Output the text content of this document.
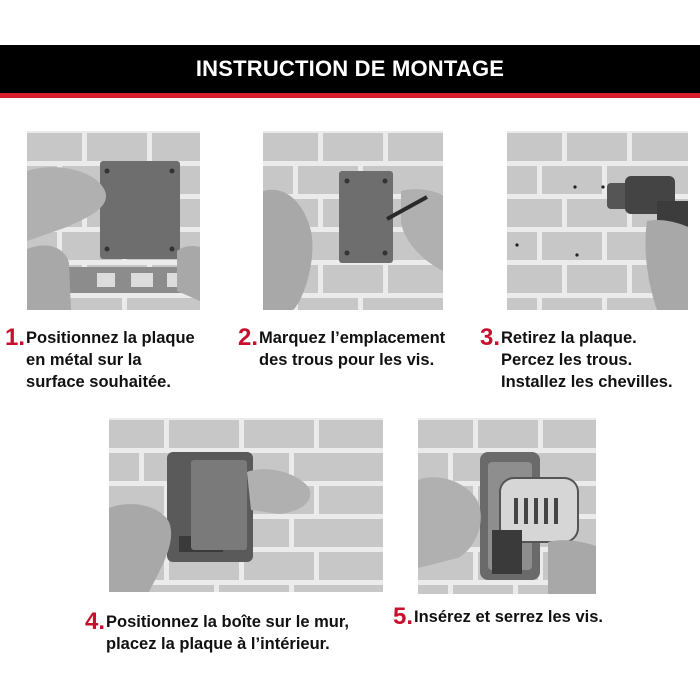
INSTRUCTION DE MONTAGE
1. Positionnez la plaque
en métal sur la
surface souhaitée.
2. Marquez l’emplacement
des trous pour les vis.
3. Retirez la plaque.
Percez les trous.
Installez les chevilles.
4. Positionnez la boîte sur le mur,
placez la plaque à l’intérieur.
5. Insérez et serrez les vis.
